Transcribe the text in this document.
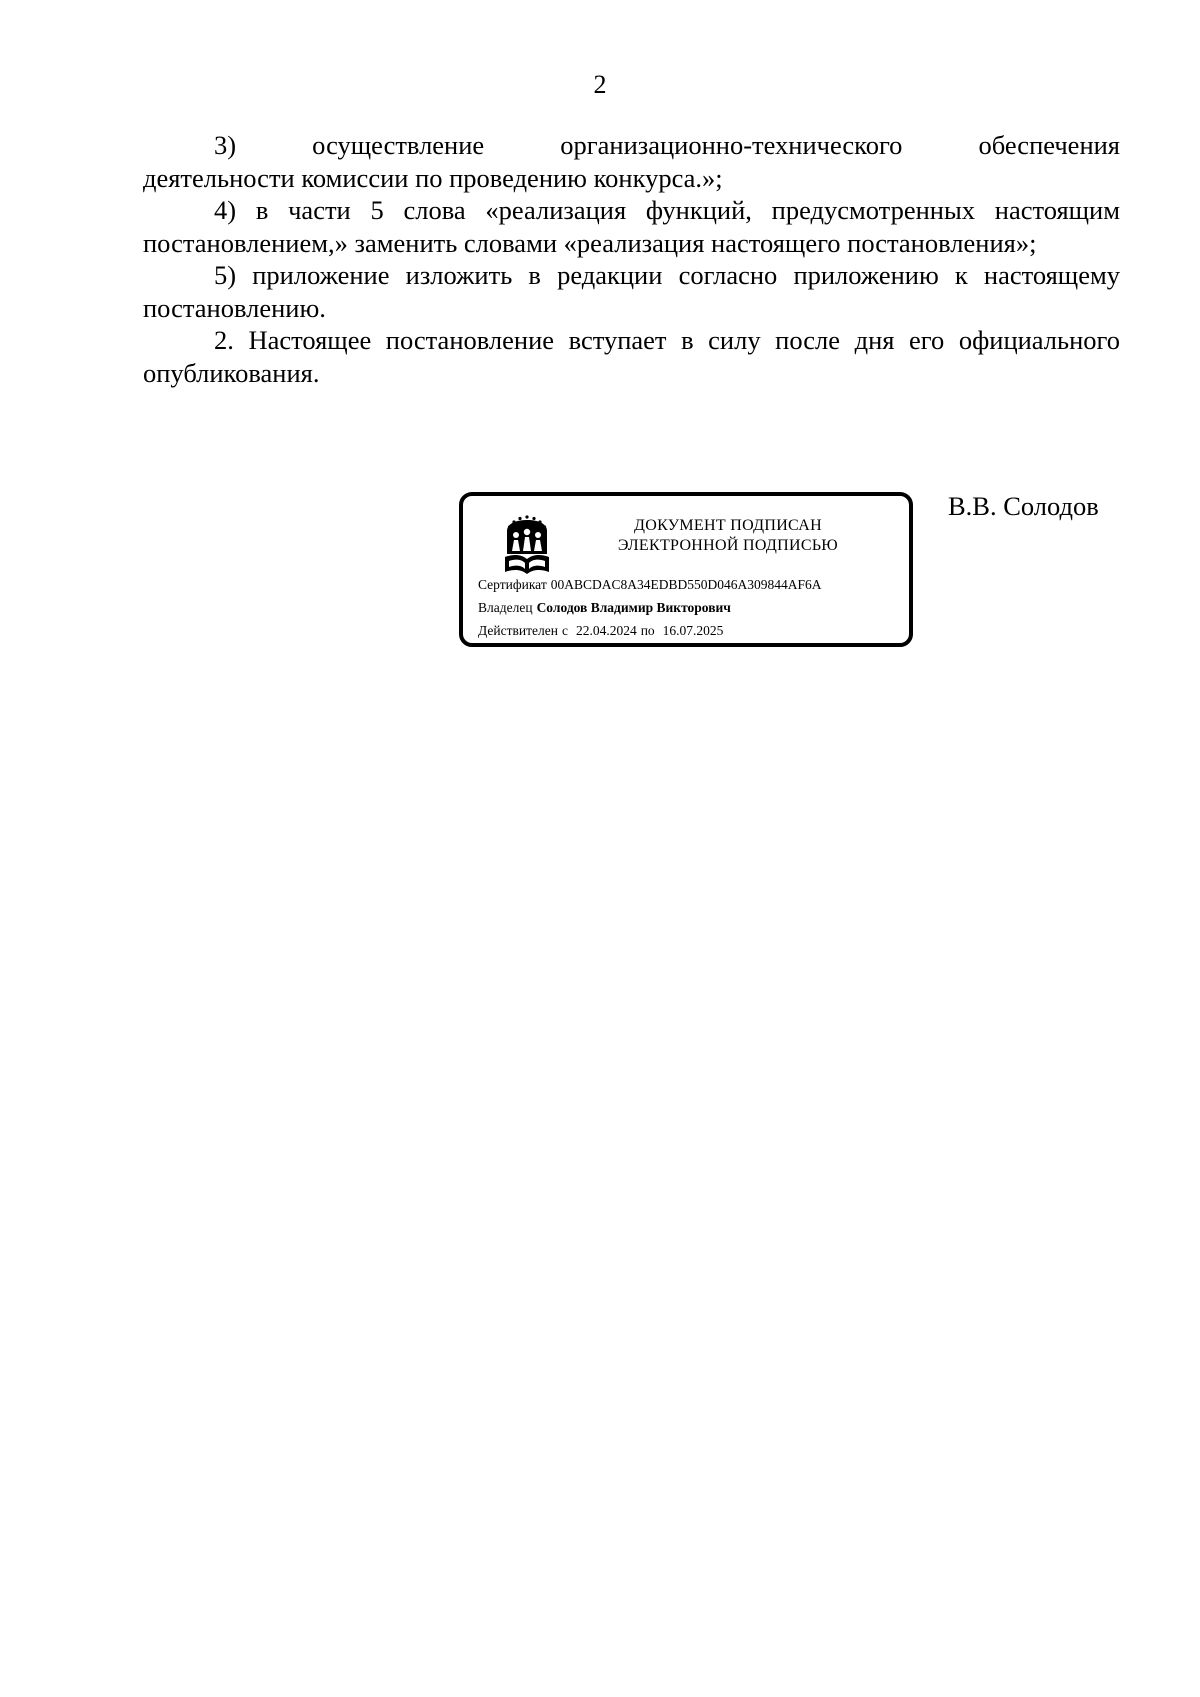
2

3) осуществление организационно-технического обеспечения

деятельности комиссии по проведению конкурса.»;

4) в части 5 слова «реализация функций, предусмотренных настоящим постановлением,» заменить словами «реализация настоящего постановления»;

5) приложение изложить в редакции согласно приложению к настоящему постановлению.

2. Настоящее постановление вступает в силу после дня его официального опубликования.

ДОКУМЕНТ ПОДПИСАН
ЭЛЕКТРОННОЙ ПОДПИСЬЮ
Сертификат 00ABCDAC8A34EDBD550D046A309844AF6A
Владелец Солодов Владимир Викторович
Действителен с 22.04.2024 по 16.07.2025
В.В. Солодов
